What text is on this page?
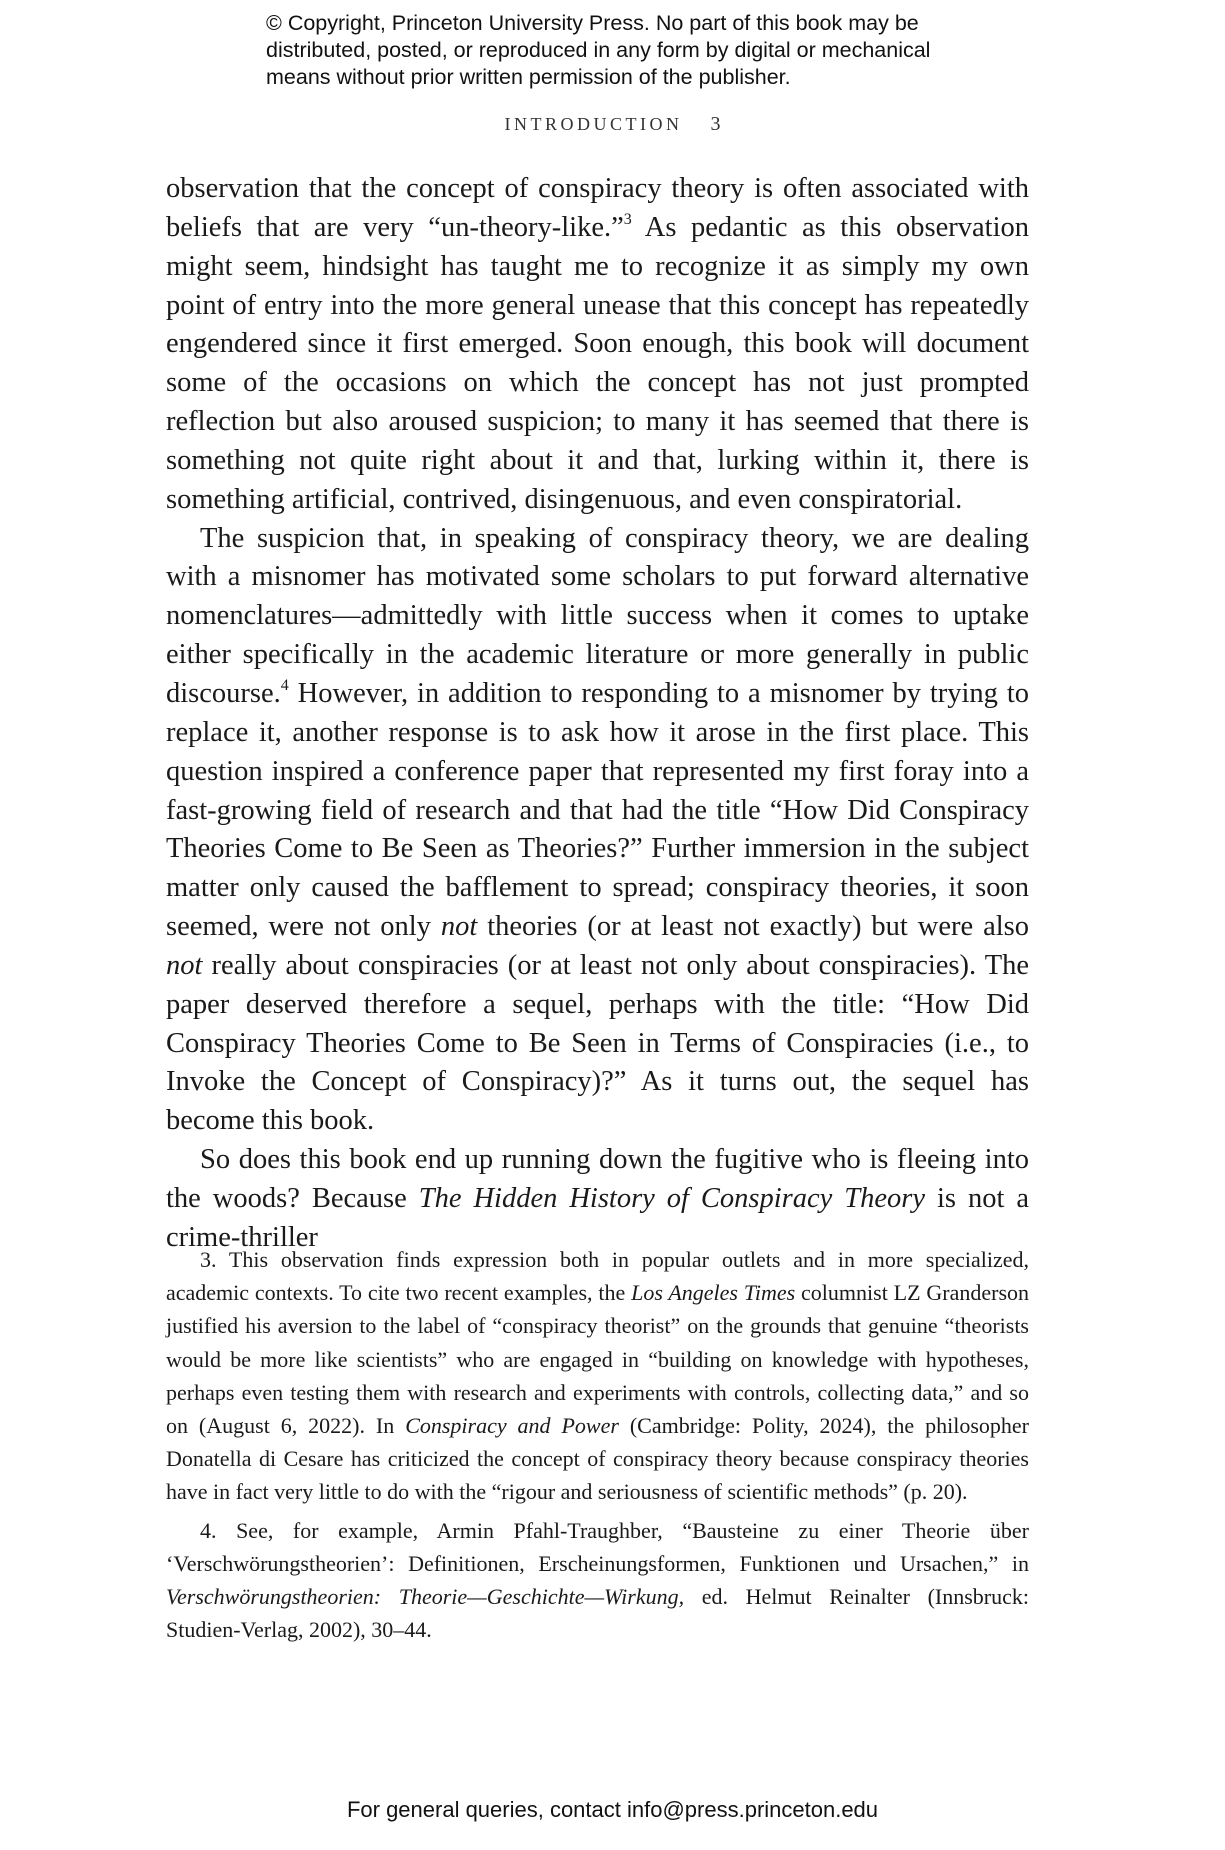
© Copyright, Princeton University Press. No part of this book may be
distributed, posted, or reproduced in any form by digital or mechanical
means without prior written permission of the publisher.
INTRODUCTION 3

observation that the concept of conspiracy theory is often associated with beliefs that are very “un-theory-like.”$^3$ As pedantic as this observation might seem, hindsight has taught me to recognize it as simply my own point of entry into the more general unease that this concept has repeatedly engendered since it first emerged. Soon enough, this book will document some of the occasions on which the concept has not just prompted reflection but also aroused suspicion; to many it has seemed that there is something not quite right about it and that, lurking within it, there is something artificial, contrived, disingenuous, and even conspiratorial.

The suspicion that, in speaking of conspiracy theory, we are dealing with a misnomer has motivated some scholars to put forward alternative nomenclatures—admittedly with little success when it comes to uptake either specifically in the academic literature or more generally in public discourse.$^4$ However, in addition to responding to a misnomer by trying to replace it, another response is to ask how it arose in the first place. This question inspired a conference paper that represented my first foray into a fast-growing field of research and that had the title “How Did Conspiracy Theories Come to Be Seen as Theories?” Further immersion in the subject matter only caused the bafflement to spread; conspiracy theories, it soon seemed, were not only not theories (or at least not exactly) but were also not really about conspiracies (or at least not only about conspiracies). The paper deserved therefore a sequel, perhaps with the title: “How Did Conspiracy Theories Come to Be Seen in Terms of Conspiracies (i.e., to Invoke the Concept of Conspiracy)?” As it turns out, the sequel has become this book.

So does this book end up running down the fugitive who is fleeing into the woods? Because The Hidden History of Conspiracy Theory is not a crime-thriller

3. This observation finds expression both in popular outlets and in more specialized, academic contexts. To cite two recent examples, the Los Angeles Times columnist LZ Granderson justified his aversion to the label of “conspiracy theorist” on the grounds that genuine “theorists would be more like scientists” who are engaged in “building on knowledge with hypotheses, perhaps even testing them with research and experiments with controls, collecting data,” and so on (August 6, 2022). In Conspiracy and Power (Cambridge: Polity, 2024), the philosopher Donatella di Cesare has criticized the concept of conspiracy theory because conspiracy theories have in fact very little to do with the “rigour and seriousness of scientific methods” (p. 20).

4. See, for example, Armin Pfahl-Traughber, “Bausteine zu einer Theorie über ‘Verschwörungstheorien’: Definitionen, Erscheinungsformen, Funktionen und Ursachen,” in Verschwörungstheorien: Theorie—Geschichte—Wirkung, ed. Helmut Reinalter (Innsbruck: Studien-Verlag, 2002), 30–44.

For general queries, contact info@press.princeton.edu
